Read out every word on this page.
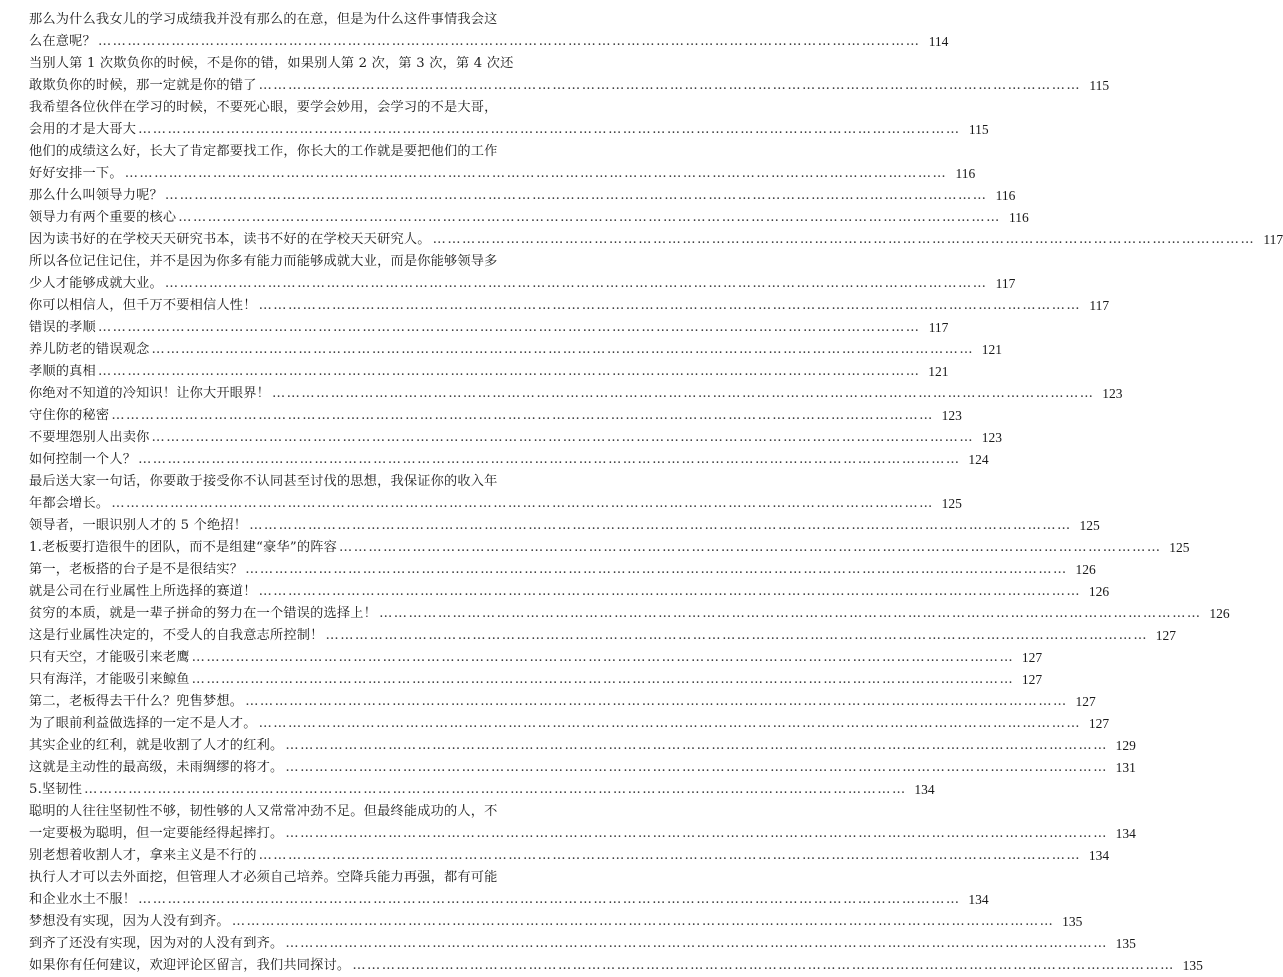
那么为什么我女儿的学习成绩我并没有那么的在意，但是为什么这件事情我会这
么在意呢？ ……………………………………………………………………………………………………………………………………………………	114
当别人第 1 次欺负你的时候，不是你的错，如果别人第 2 次，第 3 次，第 4 次还
敢欺负你的时候，那一定就是你的错了 ……………………………………………………………………………………………………………………………………………………	115
我希望各位伙伴在学习的时候，不要死心眼，要学会妙用，会学习的不是大哥，
会用的才是大哥大 ……………………………………………………………………………………………………………………………………………………	115
他们的成绩这么好，长大了肯定都要找工作，你长大的工作就是要把他们的工作
好好安排一下。 ……………………………………………………………………………………………………………………………………………………	116
那么什么叫领导力呢？ ……………………………………………………………………………………………………………………………………………………	116
领导力有两个重要的核心 ……………………………………………………………………………………………………………………………………………………	116
因为读书好的在学校天天研究书本，读书不好的在学校天天研究人。 ……………………………………………………………………………………………………………………………………………………	117
所以各位记住记住，并不是因为你多有能力而能够成就大业，而是你能够领导多
少人才能够成就大业。 ……………………………………………………………………………………………………………………………………………………	117
你可以相信人，但千万不要相信人性！ ……………………………………………………………………………………………………………………………………………………	117
错误的孝顺 ……………………………………………………………………………………………………………………………………………………	117
养儿防老的错误观念 ……………………………………………………………………………………………………………………………………………………	121
孝顺的真相 ……………………………………………………………………………………………………………………………………………………	121
你绝对不知道的冷知识！让你大开眼界！ ……………………………………………………………………………………………………………………………………………………	123
守住你的秘密 ……………………………………………………………………………………………………………………………………………………	123
不要埋怨别人出卖你 ……………………………………………………………………………………………………………………………………………………	123
如何控制一个人？ ……………………………………………………………………………………………………………………………………………………	124
最后送大家一句话，你要敢于接受你不认同甚至讨伐的思想，我保证你的收入年
年都会增长。 ……………………………………………………………………………………………………………………………………………………	125
领导者，一眼识别人才的 5 个绝招！ ……………………………………………………………………………………………………………………………………………………	125
1.老板要打造很牛的团队，而不是组建“豪华”的阵容 ……………………………………………………………………………………………………………………………………………………	125
第一，老板搭的台子是不是很结实？ ……………………………………………………………………………………………………………………………………………………	126
就是公司在行业属性上所选择的赛道！ ……………………………………………………………………………………………………………………………………………………	126
贫穷的本质，就是一辈子拼命的努力在一个错误的选择上！ ……………………………………………………………………………………………………………………………………………………	126
这是行业属性决定的，不受人的自我意志所控制！ ……………………………………………………………………………………………………………………………………………………	127
只有天空，才能吸引来老鹰 ……………………………………………………………………………………………………………………………………………………	127
只有海洋，才能吸引来鲸鱼 ……………………………………………………………………………………………………………………………………………………	127
第二，老板得去干什么？兜售梦想。 ……………………………………………………………………………………………………………………………………………………	127
为了眼前利益做选择的一定不是人才。 ……………………………………………………………………………………………………………………………………………………	127
其实企业的红利，就是收割了人才的红利。 ……………………………………………………………………………………………………………………………………………………	129
这就是主动性的最高级，未雨绸缪的将才。 ……………………………………………………………………………………………………………………………………………………	131
5.坚韧性 ……………………………………………………………………………………………………………………………………………………	134
聪明的人往往坚韧性不够，韧性够的人又常常冲劲不足。但最终能成功的人，不
一定要极为聪明，但一定要能经得起摔打。 ……………………………………………………………………………………………………………………………………………………	134
别老想着收割人才，拿来主义是不行的 ……………………………………………………………………………………………………………………………………………………	134
执行人才可以去外面挖，但管理人才必须自己培养。空降兵能力再强，都有可能
和企业水土不服！ ……………………………………………………………………………………………………………………………………………………	134
梦想没有实现，因为人没有到齐。 ……………………………………………………………………………………………………………………………………………………	135
到齐了还没有实现，因为对的人没有到齐。 ……………………………………………………………………………………………………………………………………………………	135
如果你有任何建议，欢迎评论区留言，我们共同探讨。 ……………………………………………………………………………………………………………………………………………………	135
